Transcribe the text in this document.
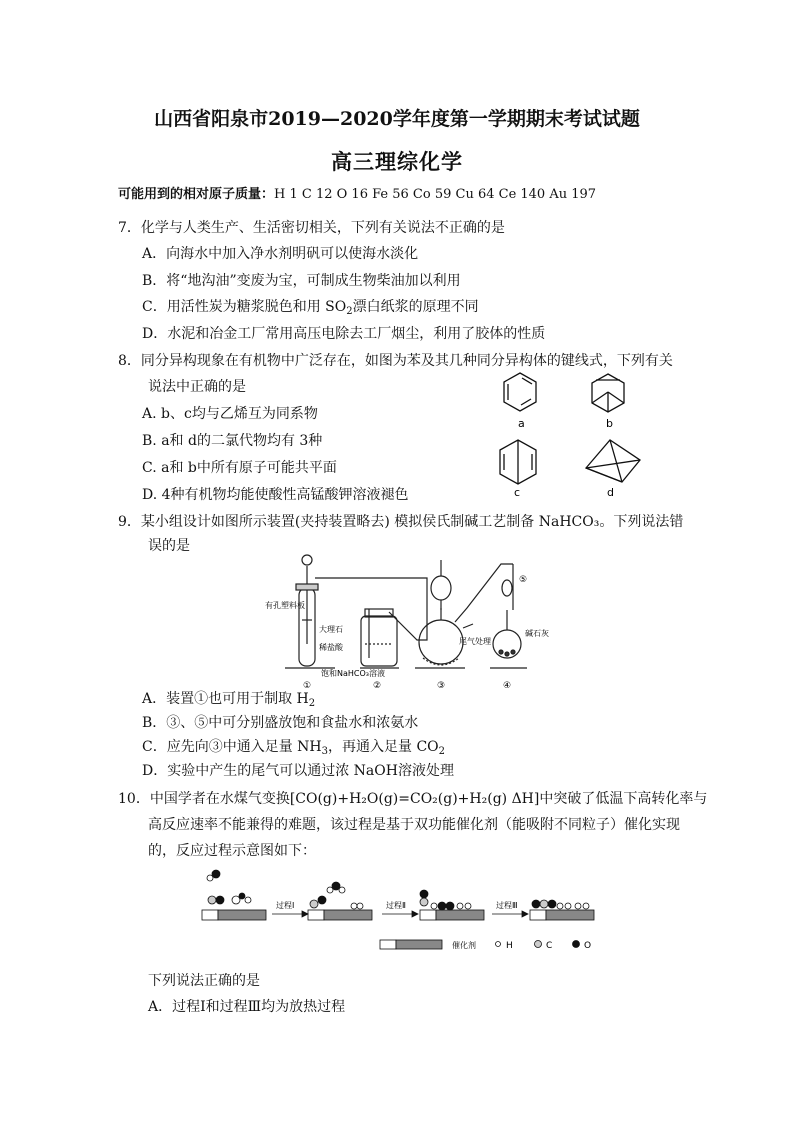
山西省阳泉市2019—2020学年度第一学期期末考试试题
高三理综化学
可能用到的相对原子质量：H 1 C 12 O 16 Fe 56 Co 59 Cu 64 Ce 140 Au 197
7．化学与人类生产、生活密切相关，下列有关说法不正确的是
A．向海水中加入净水剂明矾可以使海水淡化
B．将“地沟油”变废为宝，可制成生物柴油加以利用
C．用活性炭为糖浆脱色和用 $SO_2$漂白纸浆的原理不同
D．水泥和冶金工厂常用高压电除去工厂烟尘，利用了胶体的性质
8．同分异构现象在有机物中广泛存在，如图为苯及其几种同分异构体的键线式，下列有关
说法中正确的是
A. b、c均与乙烯互为同系物
B. a和 d的二氯代物均有 3种
C. a和 b中所有原子可能共平面
D. 4种有机物均能使酸性高锰酸钾溶液褪色
a	b
c	d
9．某小组设计如图所示装置(夹持装置略去) 模拟侯氏制碱工艺制备 NaHCO₃。下列说法错
误的是
有孔塑料板
大理石
稀盐酸
饱和NaHCO₃溶液
尾气处理
碱石灰
①	②	③	④
⑤
A．装置①也可用于制取 $H_2$
B．③、⑤中可分别盛放饱和食盐水和浓氨水
C．应先向③中通入足量 $NH_3$，再通入足量 $CO_2$
D．实验中产生的尾气可以通过浓 NaOH溶液处理
10．中国学者在水煤气变换[CO(g)+H₂O(g)=CO₂(g)+H₂(g) ΔH]中突破了低温下高转化率与
高反应速率不能兼得的难题，该过程是基于双功能催化剂（能吸附不同粒子）催化实现
的，反应过程示意图如下：
过程Ⅰ	过程Ⅱ	过程Ⅲ
催化剂	H	C	O
下列说法正确的是
A．过程Ⅰ和过程Ⅲ均为放热过程
